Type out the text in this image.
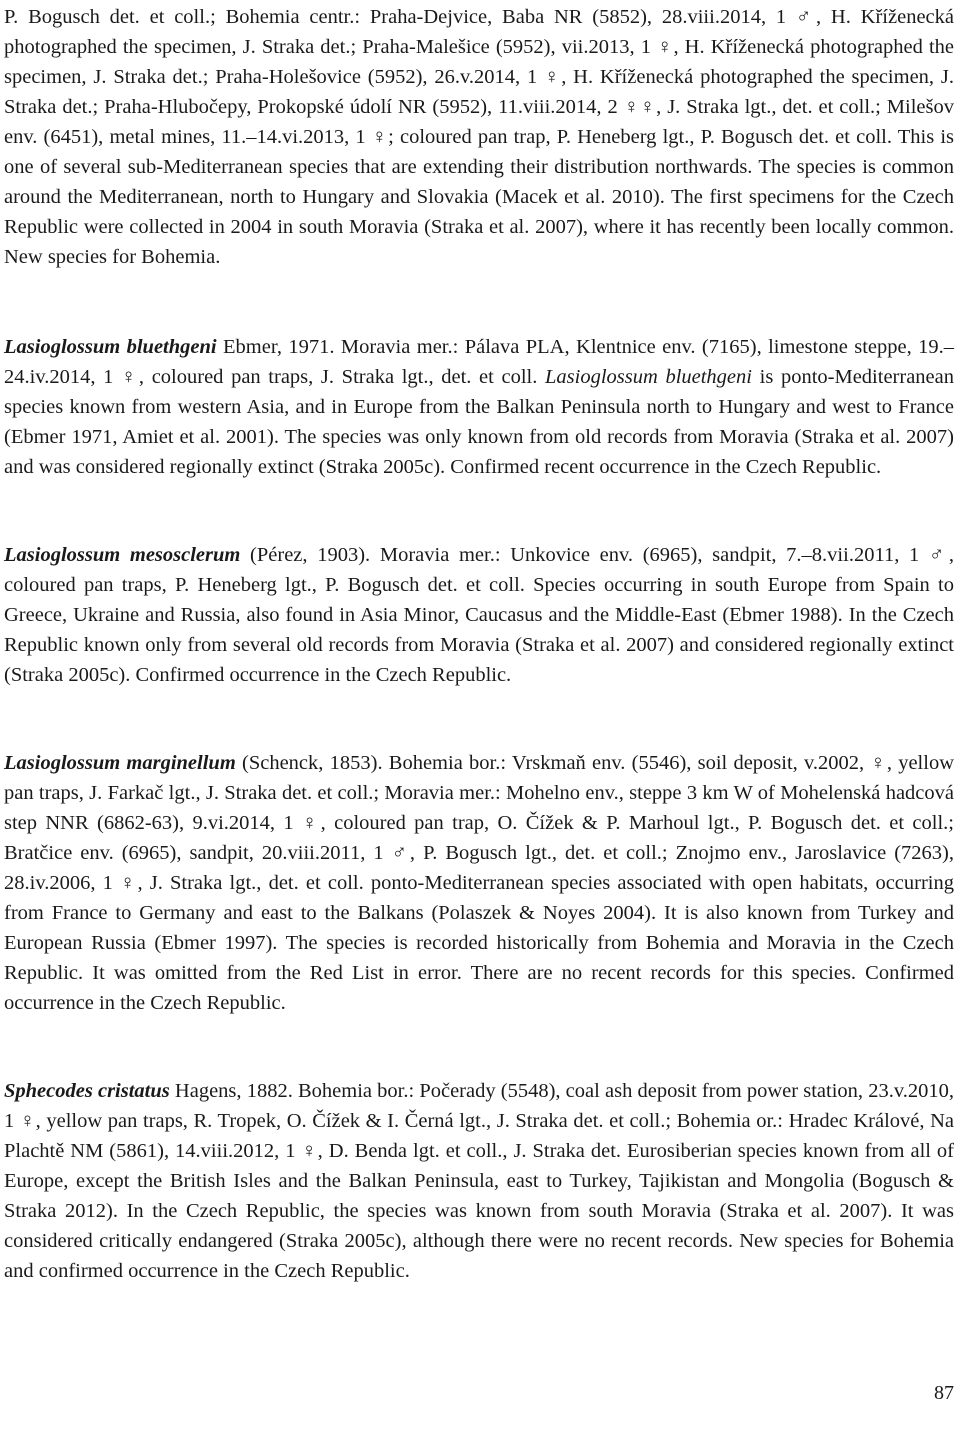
P. Bogusch det. et coll.; Bohemia centr.: Praha-Dejvice, Baba NR (5852), 28.viii.2014, 1 ♂, H. Kříženecká photographed the specimen, J. Straka det.; Praha-Malešice (5952), vii.2013, 1 ♀, H. Kříženecká photographed the specimen, J. Straka det.; Praha-Holešovice (5952), 26.v.2014, 1 ♀, H. Kříženecká photographed the specimen, J. Straka det.; Praha-Hlubočepy, Prokopské údolí NR (5952), 11.viii.2014, 2 ♀♀, J. Straka lgt., det. et coll.; Milešov env. (6451), metal mines, 11.–14.vi.2013, 1 ♀; coloured pan trap, P. Heneberg lgt., P. Bogusch det. et coll. This is one of several sub-Mediterranean species that are extending their distribution northwards. The species is common around the Mediterranean, north to Hungary and Slovakia (Macek et al. 2010). The first specimens for the Czech Republic were collected in 2004 in south Moravia (Straka et al. 2007), where it has recently been locally common. New species for Bohemia.

Lasioglossum bluethgeni Ebmer, 1971. Moravia mer.: Pálava PLA, Klentnice env. (7165), limestone steppe, 19.–24.iv.2014, 1 ♀, coloured pan traps, J. Straka lgt., det. et coll. Lasioglossum bluethgeni is ponto-Mediterranean species known from western Asia, and in Europe from the Balkan Peninsula north to Hungary and west to France (Ebmer 1971, Amiet et al. 2001). The species was only known from old records from Moravia (Straka et al. 2007) and was considered regionally extinct (Straka 2005c). Confirmed recent occurrence in the Czech Republic.

Lasioglossum mesosclerum (Pérez, 1903). Moravia mer.: Unkovice env. (6965), sandpit, 7.–8.vii.2011, 1 ♂, coloured pan traps, P. Heneberg lgt., P. Bogusch det. et coll. Species occurring in south Europe from Spain to Greece, Ukraine and Russia, also found in Asia Minor, Caucasus and the Middle-East (Ebmer 1988). In the Czech Republic known only from several old records from Moravia (Straka et al. 2007) and considered regionally extinct (Straka 2005c). Confirmed occurrence in the Czech Republic.

Lasioglossum marginellum (Schenck, 1853). Bohemia bor.: Vrskmaň env. (5546), soil deposit, v.2002, ♀, yellow pan traps, J. Farkač lgt., J. Straka det. et coll.; Moravia mer.: Mohelno env., steppe 3 km W of Mohelenská hadcová step NNR (6862-63), 9.vi.2014, 1 ♀, coloured pan trap, O. Čížek & P. Marhoul lgt., P. Bogusch det. et coll.; Bratčice env. (6965), sandpit, 20.viii.2011, 1 ♂, P. Bogusch lgt., det. et coll.; Znojmo env., Jaroslavice (7263), 28.iv.2006, 1 ♀, J. Straka lgt., det. et coll. ponto-Mediterranean species associated with open habitats, occurring from France to Germany and east to the Balkans (Polaszek & Noyes 2004). It is also known from Turkey and European Russia (Ebmer 1997). The species is recorded historically from Bohemia and Moravia in the Czech Republic. It was omitted from the Red List in error. There are no recent records for this species. Confirmed occurrence in the Czech Republic.

Sphecodes cristatus Hagens, 1882. Bohemia bor.: Počerady (5548), coal ash deposit from power station, 23.v.2010, 1 ♀, yellow pan traps, R. Tropek, O. Čížek & I. Černá lgt., J. Straka det. et coll.; Bohemia or.: Hradec Králové, Na Plachtě NM (5861), 14.viii.2012, 1 ♀, D. Benda lgt. et coll., J. Straka det. Eurosiberian species known from all of Europe, except the British Isles and the Balkan Peninsula, east to Turkey, Tajikistan and Mongolia (Bogusch & Straka 2012). In the Czech Republic, the species was known from south Moravia (Straka et al. 2007). It was considered critically endangered (Straka 2005c), although there were no recent records. New species for Bohemia and confirmed occurrence in the Czech Republic.

87
